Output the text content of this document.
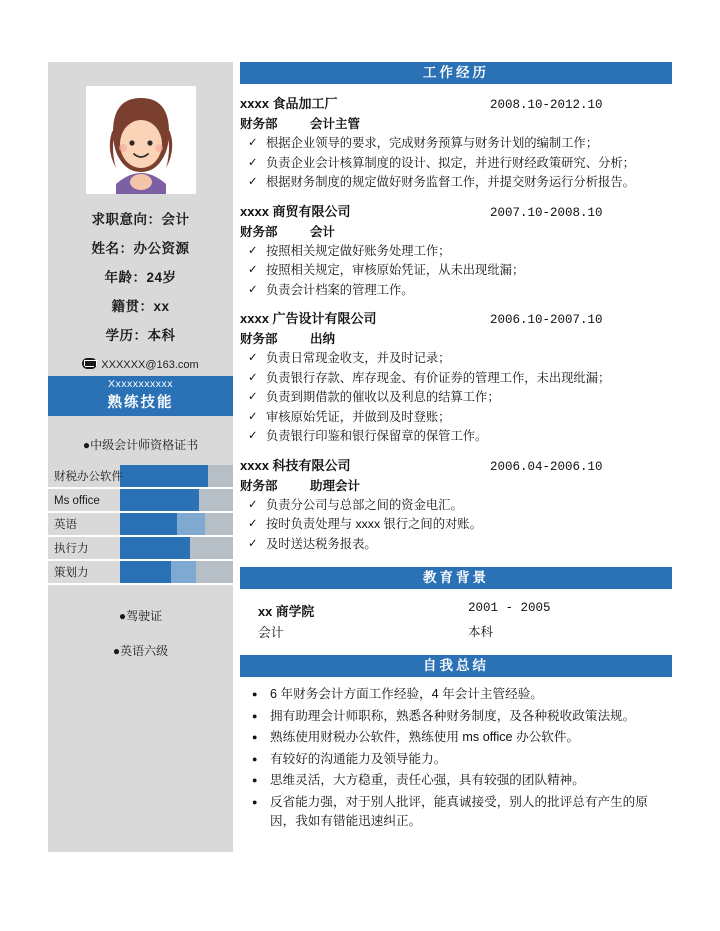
求职意向：会计
姓名：办公资源
年龄：24岁
籍贯：xx
学历：本科
XXXXXX@163.com
Xxxxxxxxxxx
熟练技能
●中级会计师资格证书
财税办公软件
Ms office
英语
执行力
策划力
●驾驶证
●英语六级
工作经历
xxxx 食品加工厂	2008.10-2012.10
财务部	会计主管
✓ 根据企业领导的要求，完成财务预算与财务计划的编制工作；
✓ 负责企业会计核算制度的设计、拟定，并进行财经政策研究、分析；
✓ 根据财务制度的规定做好财务监督工作，并提交财务运行分析报告。
xxxx 商贸有限公司	2007.10-2008.10
财务部	会计
✓ 按照相关规定做好账务处理工作；
✓ 按照相关规定，审核原始凭证，从未出现纰漏；
✓ 负责会计档案的管理工作。
xxxx 广告设计有限公司	2006.10-2007.10
财务部	出纳
✓ 负责日常现金收支，并及时记录；
✓ 负责银行存款、库存现金、有价证券的管理工作，未出现纰漏；
✓ 负责到期借款的催收以及利息的结算工作；
✓ 审核原始凭证，并做到及时登账；
✓ 负责银行印鉴和银行保留章的保管工作。
xxxx 科技有限公司	2006.04-2006.10
财务部	助理会计
✓ 负责分公司与总部之间的资金电汇。
✓ 按时负责处理与 xxxx 银行之间的对账。
✓ 及时送达税务报表。
教育背景
xx 商学院	2001 - 2005
会计	本科
自我总结
● 6 年财务会计方面工作经验，4 年会计主管经验。
● 拥有助理会计师职称，熟悉各种财务制度，及各种税收政策法规。
● 熟练使用财税办公软件，熟练使用 ms office 办公软件。
● 有较好的沟通能力及领导能力。
● 思维灵活，大方稳重，责任心强，具有较强的团队精神。
● 反省能力强，对于别人批评，能真诚接受，别人的批评总有产生的原因，我如有错能迅速纠正。
